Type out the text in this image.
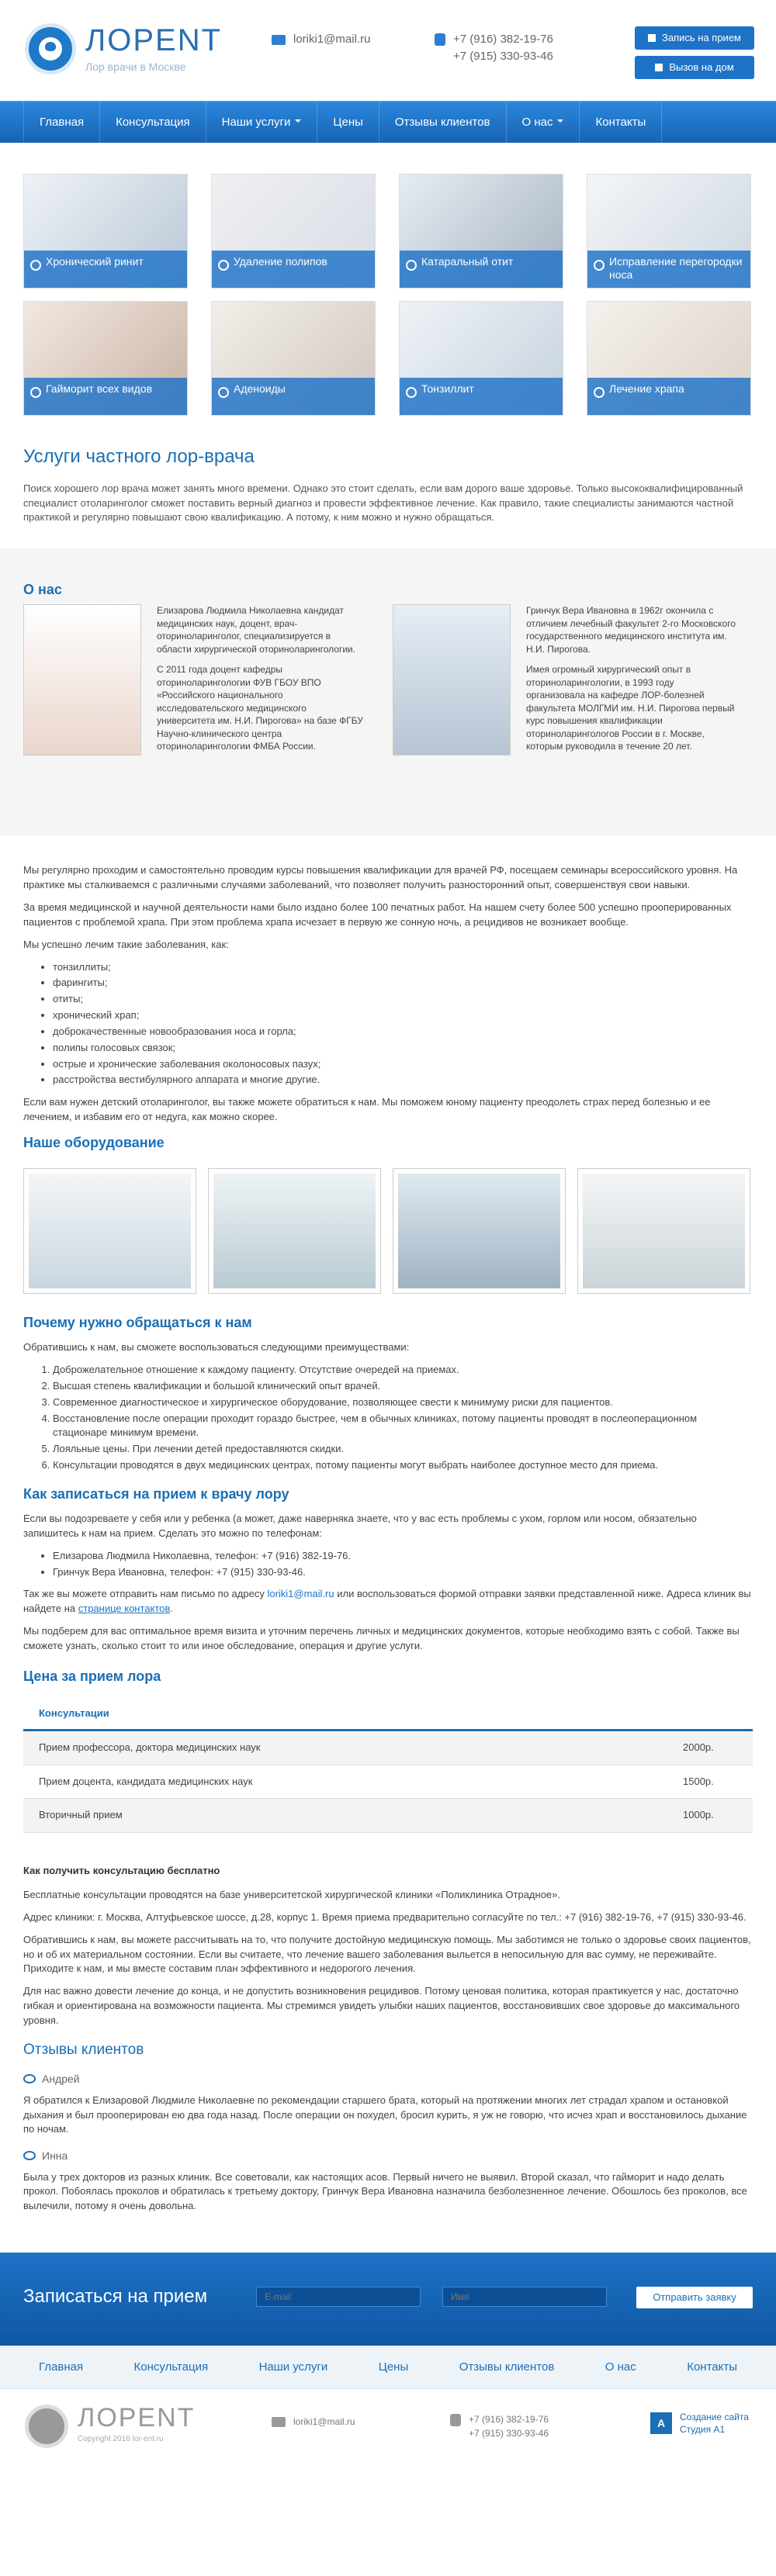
ЛОРЕNT
Лор врачи в Москве
loriki1@mail.ru	+7 (916) 382-19-76
+7 (915) 330-93-46
Запись на прием
Вызов на дом
Главная	Консультация	Наши услуги	Цены	Отзывы клиентов	О нас	Контакты
Хронический ринит	Удаление полипов	Катаральный отит	Исправление перегородки носа
Гайморит всех видов	Аденоиды	Тонзиллит	Лечение храпа
Услуги частного лор-врача

Поиск хорошего лор врача может занять много времени. Однако это стоит сделать, если вам дорого ваше здоровье. Только высококвалифицированный специалист отоларинголог сможет поставить верный диагноз и провести эффективное лечение. Как правило, такие специалисты занимаются частной практикой и регулярно повышают свою квалификацию. А потому, к ним можно и нужно обращаться.

О нас

Елизарова Людмила Николаевна кандидат медицинских наук, доцент, врач-оториноларинголог, специализируется в области хирургической оториноларингологии.

С 2011 года доцент кафедры оториноларингологии ФУВ ГБОУ ВПО «Российского национального исследовательского медицинского университета им. Н.И. Пирогова» на базе ФГБУ Научно-клинического центра оториноларингологии ФМБА России.

Гринчук Вера Ивановна в 1962г окончила с отличием лечебный факультет 2-го Московского государственного медицинского института им. Н.И. Пирогова.

Имея огромный хирургический опыт в оториноларингологии, в 1993 году организовала на кафедре ЛОР-болезней факультета МОЛГМИ им. Н.И. Пирогова первый курс повышения квалификации оториноларингологов России в г. Москве, которым руководила в течение 20 лет.

Мы регулярно проходим и самостоятельно проводим курсы повышения квалификации для врачей РФ, посещаем семинары всероссийского уровня. На практике мы сталкиваемся с различными случаями заболеваний, что позволяет получить разносторонний опыт, совершенствуя свои навыки.

За время медицинской и научной деятельности нами было издано более 100 печатных работ. На нашем счету более 500 успешно прооперированных пациентов с проблемой храпа. При этом проблема храпа исчезает в первую же сонную ночь, а рецидивов не возникает вообще.

Мы успешно лечим такие заболевания, как:

• тонзиллиты;
• фарингиты;
• отиты;
• хронический храп;
• доброкачественные новообразования носа и горла;
• полипы голосовых связок;
• острые и хронические заболевания околоносовых пазух;
• расстройства вестибулярного аппарата и многие другие.

Если вам нужен детский отоларинголог, вы также можете обратиться к нам. Мы поможем юному пациенту преодолеть страх перед болезнью и ее лечением, и избавим его от недуга, как можно скорее.

Наше оборудование
Почему нужно обращаться к нам

Обратившись к нам, вы сможете воспользоваться следующими преимуществами:

1. Доброжелательное отношение к каждому пациенту. Отсутствие очередей на приемах.
2. Высшая степень квалификации и большой клинический опыт врачей.
3. Современное диагностическое и хирургическое оборудование, позволяющее свести к минимуму риски для пациентов.
4. Восстановление после операции проходит гораздо быстрее, чем в обычных клиниках, потому пациенты проводят в послеоперационном стационаре минимум времени.
5. Лояльные цены. При лечении детей предоставляются скидки.
6. Консультации проводятся в двух медицинских центрах, потому пациенты могут выбрать наиболее доступное место для приема.
Как записаться на прием к врачу лору

Если вы подозреваете у себя или у ребенка (а может, даже наверняка знаете, что у вас есть проблемы с ухом, горлом или носом, обязательно запишитесь к нам на прием. Сделать это можно по телефонам:

• Елизарова Людмила Николаевна, телефон: +7 (916) 382-19-76.
• Гринчук Вера Ивановна, телефон: +7 (915) 330-93-46.

Так же вы можете отправить нам письмо по адресу loriki1@mail.ru или воспользоваться формой отправки заявки представленной ниже. Адреса клиник вы найдете на странице контактов.

Мы подберем для вас оптимальное время визита и уточним перечень личных и медицинских документов, которые необходимо взять с собой. Также вы сможете узнать, сколько стоит то или иное обследование, операция и другие услуги.

Цена за прием лора
Консультации	
Прием профессора, доктора медицинских наук	2000р.
Прием доцента, кандидата медицинских наук	1500р.
Вторичный прием	1000р.
Как получить консультацию бесплатно

Бесплатные консультации проводятся на базе университетской хирургической клиники «Поликлиника Отрадное».

Адрес клиники: г. Москва, Алтуфьевское шоссе, д.28, корпус 1. Время приема предварительно согласуйте по тел.: +7 (916) 382-19-76, +7 (915) 330-93-46.

Обратившись к нам, вы можете рассчитывать на то, что получите достойную медицинскую помощь. Мы заботимся не только о здоровье своих пациентов, но и об их материальном состоянии. Если вы считаете, что лечение вашего заболевания выльется в непосильную для вас сумму, не переживайте. Приходите к нам, и мы вместе составим план эффективного и недорогого лечения.

Для нас важно довести лечение до конца, и не допустить возникновения рецидивов. Потому ценовая политика, которая практикуется у нас, достаточно гибкая и ориентирована на возможности пациента. Мы стремимся увидеть улыбки наших пациентов, восстановивших свое здоровье до максимального уровня.

Отзывы клиентов
Андрей

Я обратился к Елизаровой Людмиле Николаевне по рекомендации старшего брата, который на протяжении многих лет страдал храпом и остановкой дыхания и был прооперирован ею два года назад. После операции он похудел, бросил курить, я уж не говорю, что исчез храп и восстановилось дыхание по ночам.

Инна

Была у трех докторов из разных клиник. Все советовали, как настоящих асов. Первый ничего не выявил. Второй сказал, что гайморит и надо делать прокол. Побоялась проколов и обратилась к третьему доктору, Гринчук Вера Ивановна назначила безболезненное лечение. Обошлось без проколов, все вылечили, потому я очень довольна.

Записаться на прием
E-mail
Имя	Отправить заявку
Главная	Консультация	Наши услуги	Цены	Отзывы клиентов	О нас	Контакты
ЛОРЕNT
Copyright 2016 lor-ent.ru
loriki1@mail.ru	+7 (916) 382-19-76
+7 (915) 330-93-46
A	Создание сайта
Студия А1
